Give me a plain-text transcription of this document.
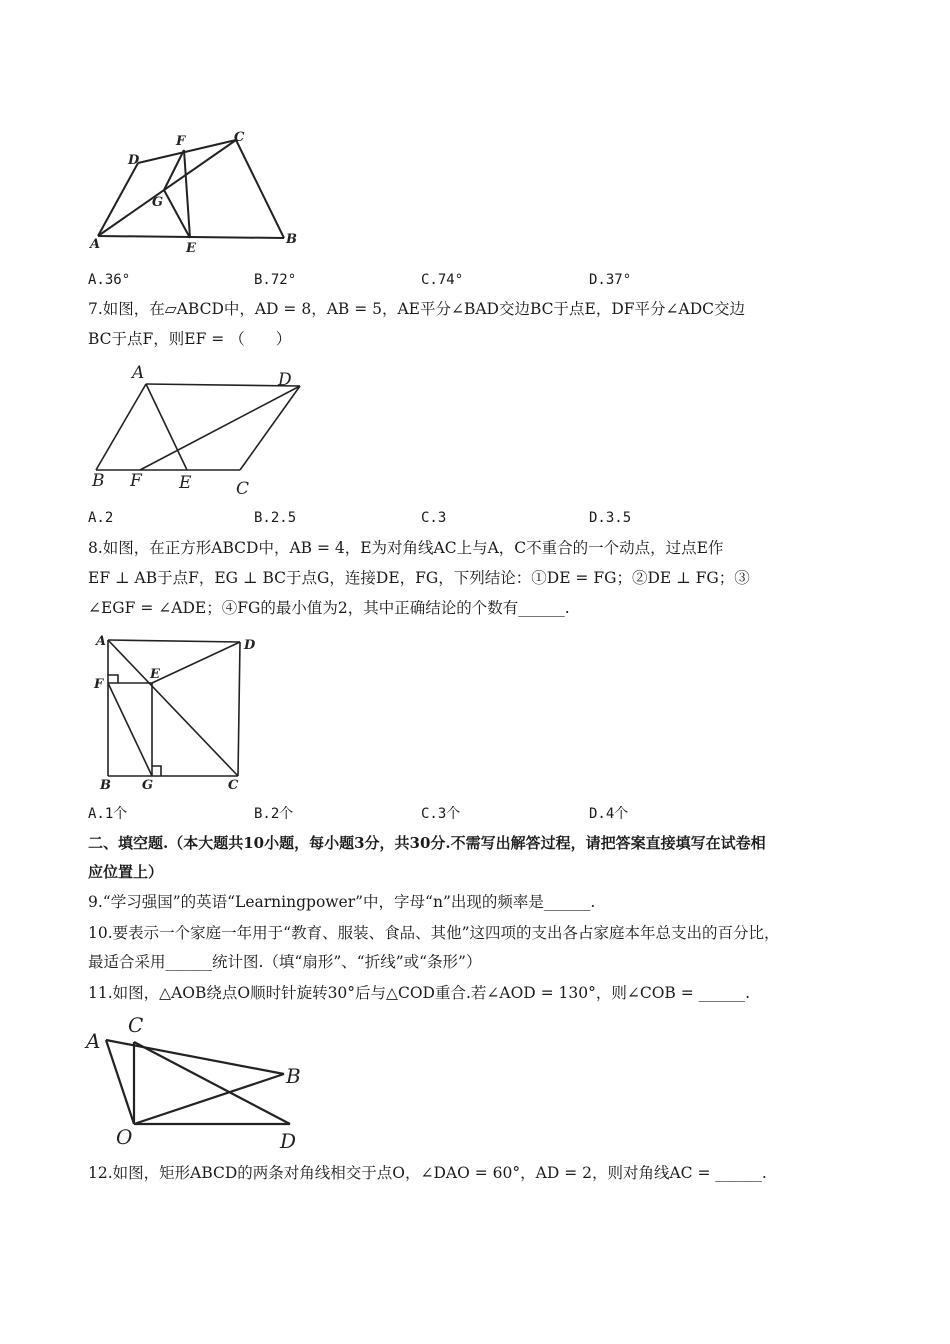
A	B
C
D
E
F
G
A.36°	B.72°	C.74°	D.37°
7.如图，在▱ABCD中，AD = 8，AB = 5，AE平分∠BAD交边BC于点E，DF平分∠ADC交边
BC于点F，则EF = （　　）
A
B	C
D
E
F
A.2	B.2.5	C.3	D.3.5
8.如图，在正方形ABCD中，AB = 4，E为对角线AC上与A，C不重合的一个动点，过点E作
EF ⊥ AB于点F，EG ⊥ BC于点G，连接DE，FG，下列结论：①DE = FG；②DE ⊥ FG；③
∠EGF = ∠ADE；④FG的最小值为2，其中正确结论的个数有______.
A
B	C
D
E
F
G
A.1个	B.2个	C.3个	D.4个
二、填空题.（本大题共10小题，每小题3分，共30分.不需写出解答过程，请把答案直接填写在试卷相
应位置上）
9.“学习强国”的英语“Learningpower”中，字母“n”出现的频率是______.
10.要表示一个家庭一年用于“教育、服装、食品、其他”这四项的支出各占家庭本年总支出的百分比，
最适合采用______统计图.（填“扇形”、“折线”或“条形”）
11.如图，△AOB绕点O顺时针旋转30°后与△COD重合.若∠AOD = 130°，则∠COB = ______.
A
B
C
D
O
12.如图，矩形ABCD的两条对角线相交于点O，∠DAO = 60°，AD = 2，则对角线AC = ______.
